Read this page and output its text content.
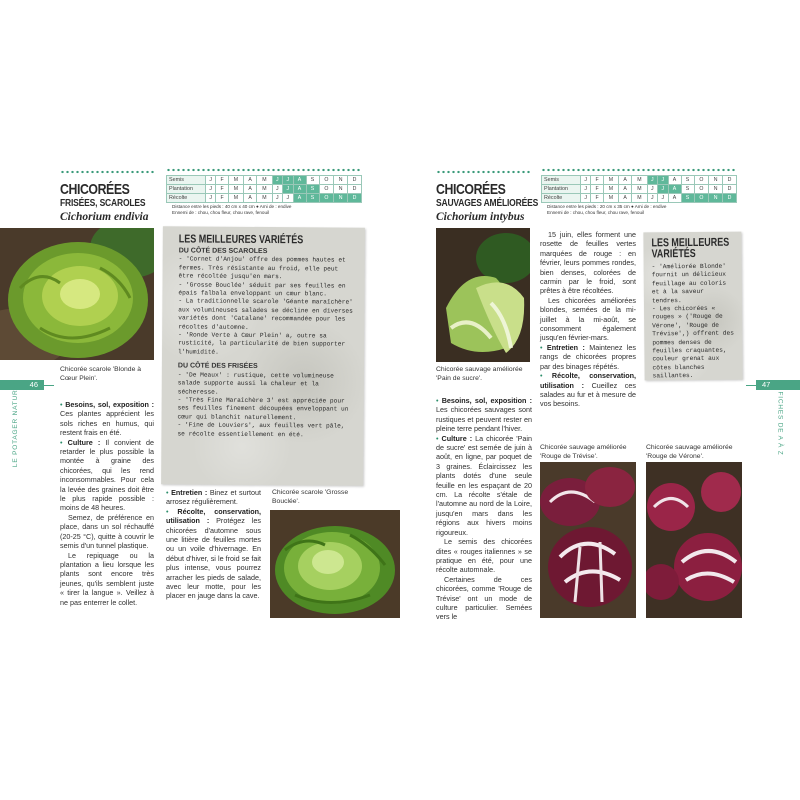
CHICORÉES
FRISÉES, SCAROLES
Cichorium endivia
Semis	J	F	M	A	M	J	J	A	S	O	N	D
Plantation	J	F	M	A	M	J	J	A	S	O	N	D
Récolte	J	F	M	A	M	J	J	A	S	O	N	D
Distance entre les pieds : 40 cm x 40 cm ● Ami de : endive
Ennemi de : chou, chou fleur, chou rave, fenouil
Chicorée scarole 'Blonde à Cœur Plein'.
46
LE POTAGER NATUREL	• Besoins, sol, exposition : Ces plantes apprécient les sols riches en humus, qui restent frais en été.

• Culture : Il convient de retarder le plus possible la montée à graine des chicorées, qui les rend inconsommables. Pour cela la levée des graines doit être le plus rapide possible : moins de 48 heures.

Semez, de préférence en place, dans un sol réchauffé (20-25 °C), quitte à couvrir le semis d'un tunnel plastique.

Le repiquage ou la plantation a lieu lorsque les plants sont encore très jeunes, qu'ils semblent juste « tirer la langue ». Veillez à ne pas enterrer le collet.

LES MEILLEURES VARIÉTÉS
DU CÔTÉ DES SCAROLES

- 'Cornet d'Anjou' offre des pommes hautes et fermes. Très résistante au froid, elle peut être récoltée jusqu'en mars.

- 'Grosse Bouclée' séduit par ses feuilles en épais falbala enveloppant un cœur blanc.

- La traditionnelle scarole 'Géante maraîchère' aux volumineuses salades se décline en diverses variétés dont 'Catalane' recommandée pour les récoltes d'automne.

- 'Ronde Verte à Cœur Plein' a, outre sa rusticité, la particularité de bien supporter l'humidité.

DU CÔTÉ DES FRISÉES

- 'De Meaux' : rustique, cette volumineuse salade supporte aussi la chaleur et la sécheresse.

- 'Très Fine Maraîchère 3' est appréciée pour ses feuilles finement découpées enveloppant un cœur qui blanchit naturellement.

- 'Fine de Louviers', aux feuilles vert pâle, se récolte essentiellement en été.

• Entretien : Binez et surtout arrosez régulièrement.

• Récolte, conservation, utilisation : Protégez les chicorées d'automne sous une litière de feuilles mortes ou un voile d'hivernage. En début d'hiver, si le froid se fait plus intense, vous pourrez arracher les pieds de salade, avec leur motte, pour les placer en jauge dans la cave.

Chicorée scarole 'Grosse Bouclée'.
CHICORÉES
SAUVAGES AMÉLIORÉES
Cichorium intybus
Semis	J	F	M	A	M	J	J	A	S	O	N	D
Plantation	J	F	M	A	M	J	J	A	S	O	N	D
Récolte	J	F	M	A	M	J	J	A	S	O	N	D
Distance entre les pieds : 20 cm x 35 cm ● Ami de : endive
Ennemi de : chou, chou fleur, chou rave, fenouil
Chicorée sauvage améliorée 'Pain de sucre'.

• Besoins, sol, exposition : Les chicorées sauvages sont rustiques et peuvent rester en pleine terre pendant l'hiver.

• Culture : La chicorée 'Pain de sucre' est semée de juin à août, en ligne, par poquet de 3 graines. Éclaircissez les plants dotés d'une seule feuille en les espaçant de 20 cm. La récolte s'étale de l'automne au nord de la Loire, jusqu'en mars dans les régions aux hivers moins rigoureux.

Le semis des chicorées dites « rouges italiennes » se pratique en été, pour une récolte automnale.

Certaines de ces chicorées, comme 'Rouge de Trévise' ont un mode de culture particulier. Semées vers le

15 juin, elles forment une rosette de feuilles vertes marquées de rouge : en février, leurs pommes rondes, bien denses, colorées de carmin par le froid, sont prêtes à être récoltées.

Les chicorées améliorées blondes, semées de la mi-juillet à la mi-août, se consomment également jusqu'en février-mars.

• Entretien : Maintenez les rangs de chicorées propres par des binages répétés.

• Récolte, conservation, utilisation : Cueillez ces salades au fur et à mesure de vos besoins.

LES MEILLEURES VARIÉTÉS

- 'Améliorée Blonde' fournit un délicieux feuillage au coloris et à la saveur tendres.

- Les chicorées « rouges » ('Rouge de Vérone', 'Rouge de Trévise',) offrent des pommes denses de feuilles craquantes, couleur grenat aux côtes blanches saillantes.

47
FICHES DE A À Z
Chicorée sauvage améliorée 'Rouge de Trévise'.
Chicorée sauvage améliorée 'Rouge de Vérone'.
